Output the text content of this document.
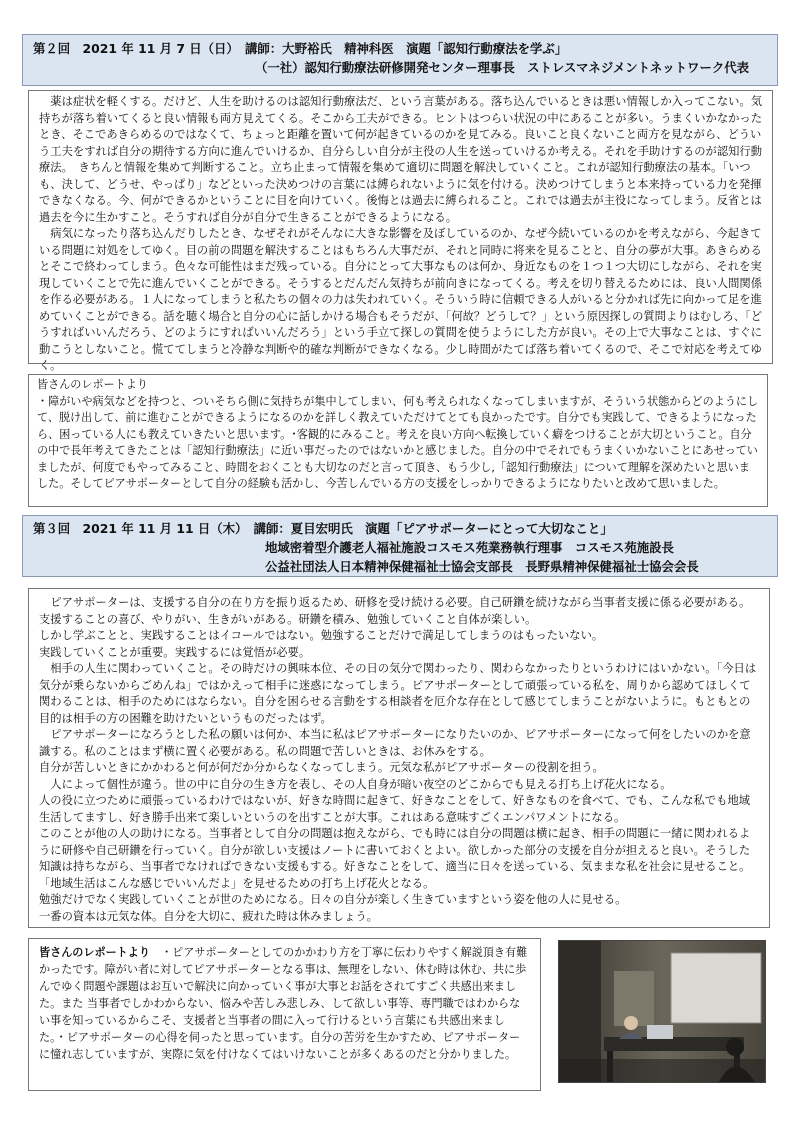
第２回　2021 年 11 月 7 日（日）　講師：大野裕氏　精神科医　演題「認知行動療法を学ぶ」

（一社）認知行動療法研修開発センター理事長　ストレスマネジメントネットワーク代表

薬は症状を軽くする。だけど、人生を助けるのは認知行動療法だ、という言葉がある。落ち込んでいるときは悪い情報しか入ってこない。気持ちが落ち着いてくると良い情報も両方見えてくる。そこから工夫ができる。ヒントはつらい状況の中にあることが多い。うまくいかなかったとき、そこであきらめるのではなくて、ちょっと距離を置いて何が起きているのかを見てみる。良いこと良くないこと両方を見ながら、どういう工夫をすれば自分の期待する方向に進んでいけるか、自分らしい自分が主役の人生を送っていけるか考える。それを手助けするのが認知行動療法。　きちんと情報を集めて判断すること。立ち止まって情報を集めて適切に問題を解決していくこと。これが認知行動療法の基本。「いつも、決して、どうせ、やっぱり」などといった決めつけの言葉には縛られないように気を付ける。決めつけてしまうと本来持っている力を発揮できなくなる。今、何ができるかということに目を向けていく。後悔とは過去に縛られること。これでは過去が主役になってしまう。反省とは過去を今に生かすこと。そうすれば自分が自分で生きることができるようになる。

病気になったり落ち込んだりしたとき、なぜそれがそんなに大きな影響を及ぼしているのか、なぜ今続いているのかを考えながら、今起きている問題に対処をしてゆく。目の前の問題を解決することはもちろん大事だが、それと同時に将来を見ることと、自分の夢が大事。あきらめるとそこで終わってしまう。色々な可能性はまだ残っている。自分にとって大事なものは何か、身近なものを１つ１つ大切にしながら、それを実現していくことで先に進んでいくことができる。そうするとだんだん気持ちが前向きになってくる。考えを切り替えるためには、良い人間関係を作る必要がある。１人になってしまうと私たちの個々の力は失われていく。そういう時に信頼できる人がいると分かれば先に向かって足を進めていくことができる。話を聴く場合と自分の心に話しかける場合もそうだが、「何故？どうして？」という原因探しの質問よりはむしろ、「どうすればいいんだろう、どのようにすればいいんだろう」という手立て探しの質問を使うようにした方が良い。その上で大事なことは、すぐに動こうとしないこと。慌ててしまうと冷静な判断や的確な判断ができなくなる。少し時間がたてば落ち着いてくるので、そこで対応を考えてゆく。

皆さんのレポートより

・障がいや病気などを持つと、ついそちら側に気持ちが集中してしまい、何も考えられなくなってしまいますが、そういう状態からどのようにして、脱け出して、前に進むことができるようになるのかを詳しく教えていただけてとても良かったです。自分でも実践して、できるようになったら、困っている人にも教えていきたいと思います。･客観的にみること。考えを良い方向へ転換していく癖をつけることが大切ということ。自分の中で長年考えてきたことは「認知行動療法」に近い事だったのではないかと感じました。自分の中でそれでもうまくいかないことにあせっていましたが、何度でもやってみること、時間をおくことも大切なのだと言って頂き、もう少し,「認知行動療法」について理解を深めたいと思いました。そしてピアサポーターとして自分の経験も活かし、今苦しんでいる方の支援をしっかりできるようになりたいと改めて思いました。

第３回　2021 年 11 月 11 日（木）　講師：夏目宏明氏　演題「ピアサポーターにとって大切なこと」

地域密着型介護老人福祉施設コスモス苑業務執行理事　コスモス苑施設長

公益社団法人日本精神保健福祉士協会支部長　長野県精神保健福祉士協会会長

ピアサポーターは、支援する自分の在り方を振り返るため、研修を受け続ける必要。自己研鑽を続けながら当事者支援に係る必要がある。支援することの喜び、やりがい、生きがいがある。研鑽を積み、勉強していくこと自体が楽しい。

しかし学ぶことと、実践することはイコールではない。勉強することだけで満足してしまうのはもったいない。

実践していくことが重要。実践するには覚悟が必要。

相手の人生に関わっていくこと。その時だけの興味本位、その日の気分で関わったり、関わらなかったりというわけにはいかない。「今日は気分が乗らないからごめんね」ではかえって相手に迷惑になってしまう。ピアサポーターとして頑張っている私を、周りから認めてほしくて関わることは、相手のためにはならない。自分を困らせる言動をする相談者を厄介な存在として感じてしまうことがないように。もともとの目的は相手の方の困難を助けたいというものだったはず。

ピアサポーターになろうとした私の願いは何か、本当に私はピアサポーターになりたいのか、ピアサポーターになって何をしたいのかを意識する。私のことはまず横に置く必要がある。私の問題で苦しいときは、お休みをする。

自分が苦しいときにかかわると何が何だか分からなくなってしまう。元気な私がピアサポーターの役割を担う。

人によって個性が違う。世の中に自分の生き方を表し、その人自身が暗い夜空のどこからでも見える打ち上げ花火になる。

人の役に立つために頑張っているわけではないが、好きな時間に起きて、好きなことをして、好きなものを食べて、でも、こんな私でも地域生活してますし、好き勝手出来て楽しいというのを出すことが大事。これはある意味すごくエンパワメントになる。

このことが他の人の助けになる。当事者として自分の問題は抱えながら、でも時には自分の問題は横に起き、相手の問題に一緒に関われるように研修や自己研鑽を行っていく。自分が欲しい支援はノートに書いておくとよい。欲しかった部分の支援を自分が担えると良い。そうした知識は持ちながら、当事者でなければできない支援もする。好きなことをして、適当に日々を送っている、気ままな私を社会に見せること。「地域生活はこんな感じでいいんだよ」を見せるための打ち上げ花火となる。

勉強だけでなく実践していくことが世のためになる。日々の自分が楽しく生きていますという姿を他の人に見せる。

一番の資本は元気な体。自分を大切に、疲れた時は休みましょう。

皆さんのレポートより　 ・ピアサポーターとしてのかかわり方を丁寧に伝わりやすく解説頂き有難かったです。障がい者に対してピアサポーターとなる事は、無理をしない、休む時は休む、共に歩んでゆく問題や課題はお互いで解決に向かっていく事が大事とお話をされてすごく共感出来ました。また 当事者でしかわからない、悩みや苦しみ悲しみ、して欲しい事等、専門職ではわからない事を知っているからこそ、支援者と当事者の間に入って行けるという言葉にも共感出来ました。・ピアサポーターの心得を伺ったと思っています。自分の苦労を生かすため、ピアサポーターに憧れ志していますが、実際に気を付けなくてはいけないことが多くあるのだと分かりました。
